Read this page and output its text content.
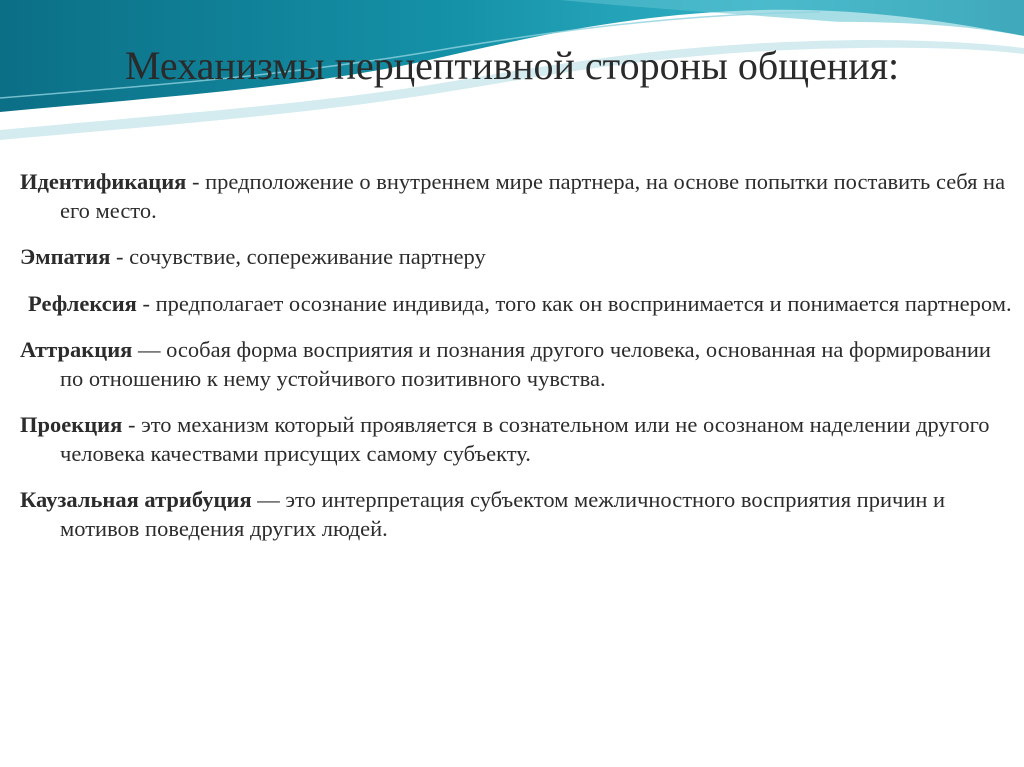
Механизмы перцептивной стороны общения:
Идентификация - предположение о внутреннем мире партнера, на основе попытки поставить себя на его место.
Эмпатия - сочувствие, сопереживание партнеру
Рефлексия - предполагает осознание индивида, того как он воспринимается и понимается партнером.
Аттракция — особая форма восприятия и познания другого человека, основанная на формировании по отношению к нему устойчивого позитивного чувства.
Проекция - это механизм который проявляется в сознательном или не осознаном наделении другого человека качествами присущих самому субъекту.
Каузальная атрибуция — это интерпретация субъектом межличностного восприятия причин и мотивов поведения других людей.
